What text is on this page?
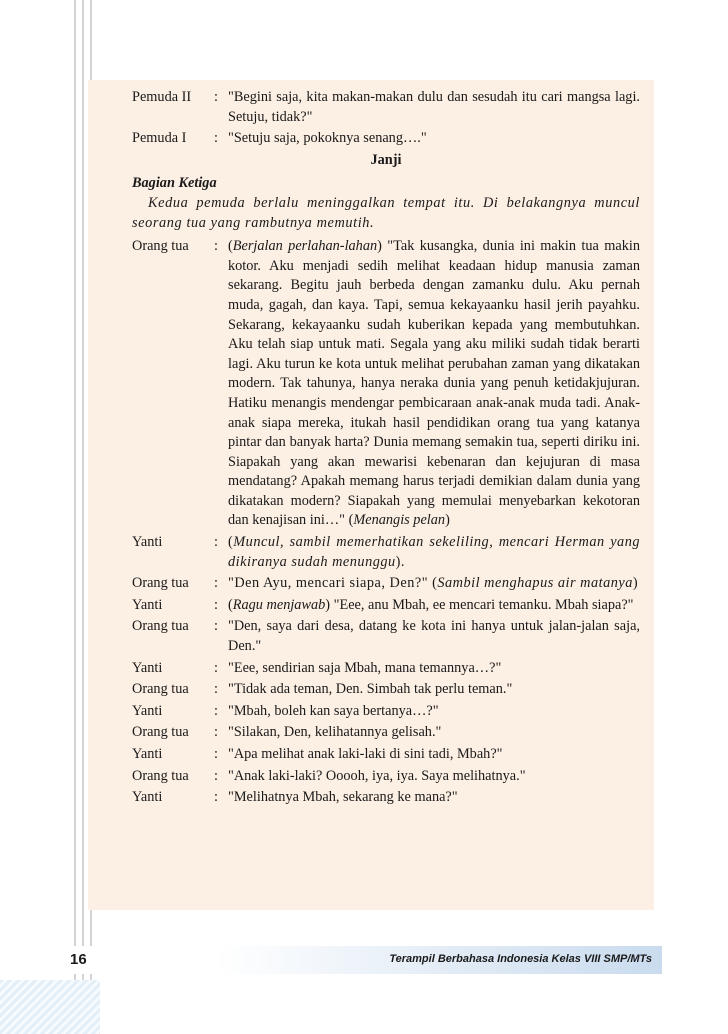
Pemuda II	: "Begini saja, kita makan-makan dulu dan sesudah itu cari mangsa lagi. Setuju, tidak?"
Pemuda I	: "Setuju saja, pokoknya senang…."
Janji
Bagian Ketiga
Kedua pemuda berlalu meninggalkan tempat itu. Di belakangnya muncul seorang tua yang rambutnya memutih.
Orang tua	: (Berjalan perlahan-lahan) "Tak kusangka, dunia ini makin tua makin kotor. Aku menjadi sedih melihat keadaan hidup manusia zaman sekarang. Begitu jauh berbeda dengan zamanku dulu. Aku pernah muda, gagah, dan kaya. Tapi, semua kekayaanku hasil jerih payahku. Sekarang, kekayaanku sudah kuberikan kepada yang membutuhkan. Aku telah siap untuk mati. Segala yang aku miliki sudah tidak berarti lagi. Aku turun ke kota untuk melihat perubahan zaman yang dikatakan modern. Tak tahunya, hanya neraka dunia yang penuh ketidakjujuran. Hatiku menangis mendengar pembicaraan anak-anak muda tadi. Anak-anak siapa mereka, itukah hasil pendidikan orang tua yang katanya pintar dan banyak harta? Dunia memang semakin tua, seperti diriku ini. Siapakah yang akan mewarisi kebenaran dan kejujuran di masa mendatang? Apakah memang harus terjadi demikian dalam dunia yang dikatakan modern? Siapakah yang memulai menyebarkan kekotoran dan kenajisan ini…" (Menangis pelan)
Yanti	: (Muncul, sambil memerhatikan sekeliling, mencari Herman yang dikiranya sudah menunggu).
Orang tua	: "Den Ayu, mencari siapa, Den?" (Sambil menghapus air matanya)
Yanti	: (Ragu menjawab) "Eee, anu Mbah, ee mencari temanku. Mbah siapa?"
Orang tua	: "Den, saya dari desa, datang ke kota ini hanya untuk jalan-jalan saja, Den."
Yanti	: "Eee, sendirian saja Mbah, mana temannya…?"
Orang tua	: "Tidak ada teman, Den. Simbah tak perlu teman."
Yanti	: "Mbah, boleh kan saya bertanya…?"
Orang tua	: "Silakan, Den, kelihatannya gelisah."
Yanti	: "Apa melihat anak laki-laki di sini tadi, Mbah?"
Orang tua	: "Anak laki-laki? Ooooh, iya, iya. Saya melihatnya."
Yanti	: "Melihatnya Mbah, sekarang ke mana?"
16	Terampil Berbahasa Indonesia Kelas VIII SMP/MTs
